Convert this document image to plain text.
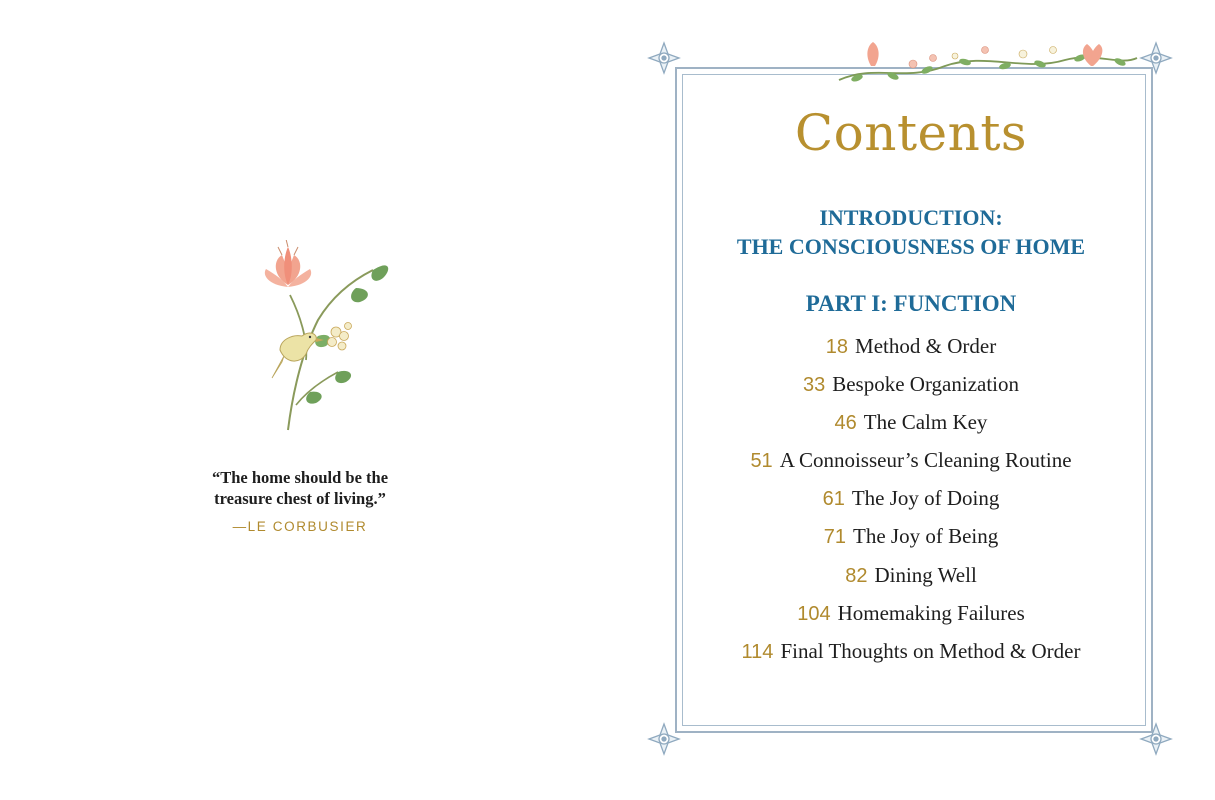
“The home should be the
treasure chest of living.”
—LE CORBUSIER
Contents
INTRODUCTION:
THE CONSCIOUSNESS OF HOME
PART I: FUNCTION
18 Method & Order
33 Bespoke Organization
46 The Calm Key
51 A Connoisseur’s Cleaning Routine
61 The Joy of Doing
71 The Joy of Being
82 Dining Well
104 Homemaking Failures
114 Final Thoughts on Method & Order
